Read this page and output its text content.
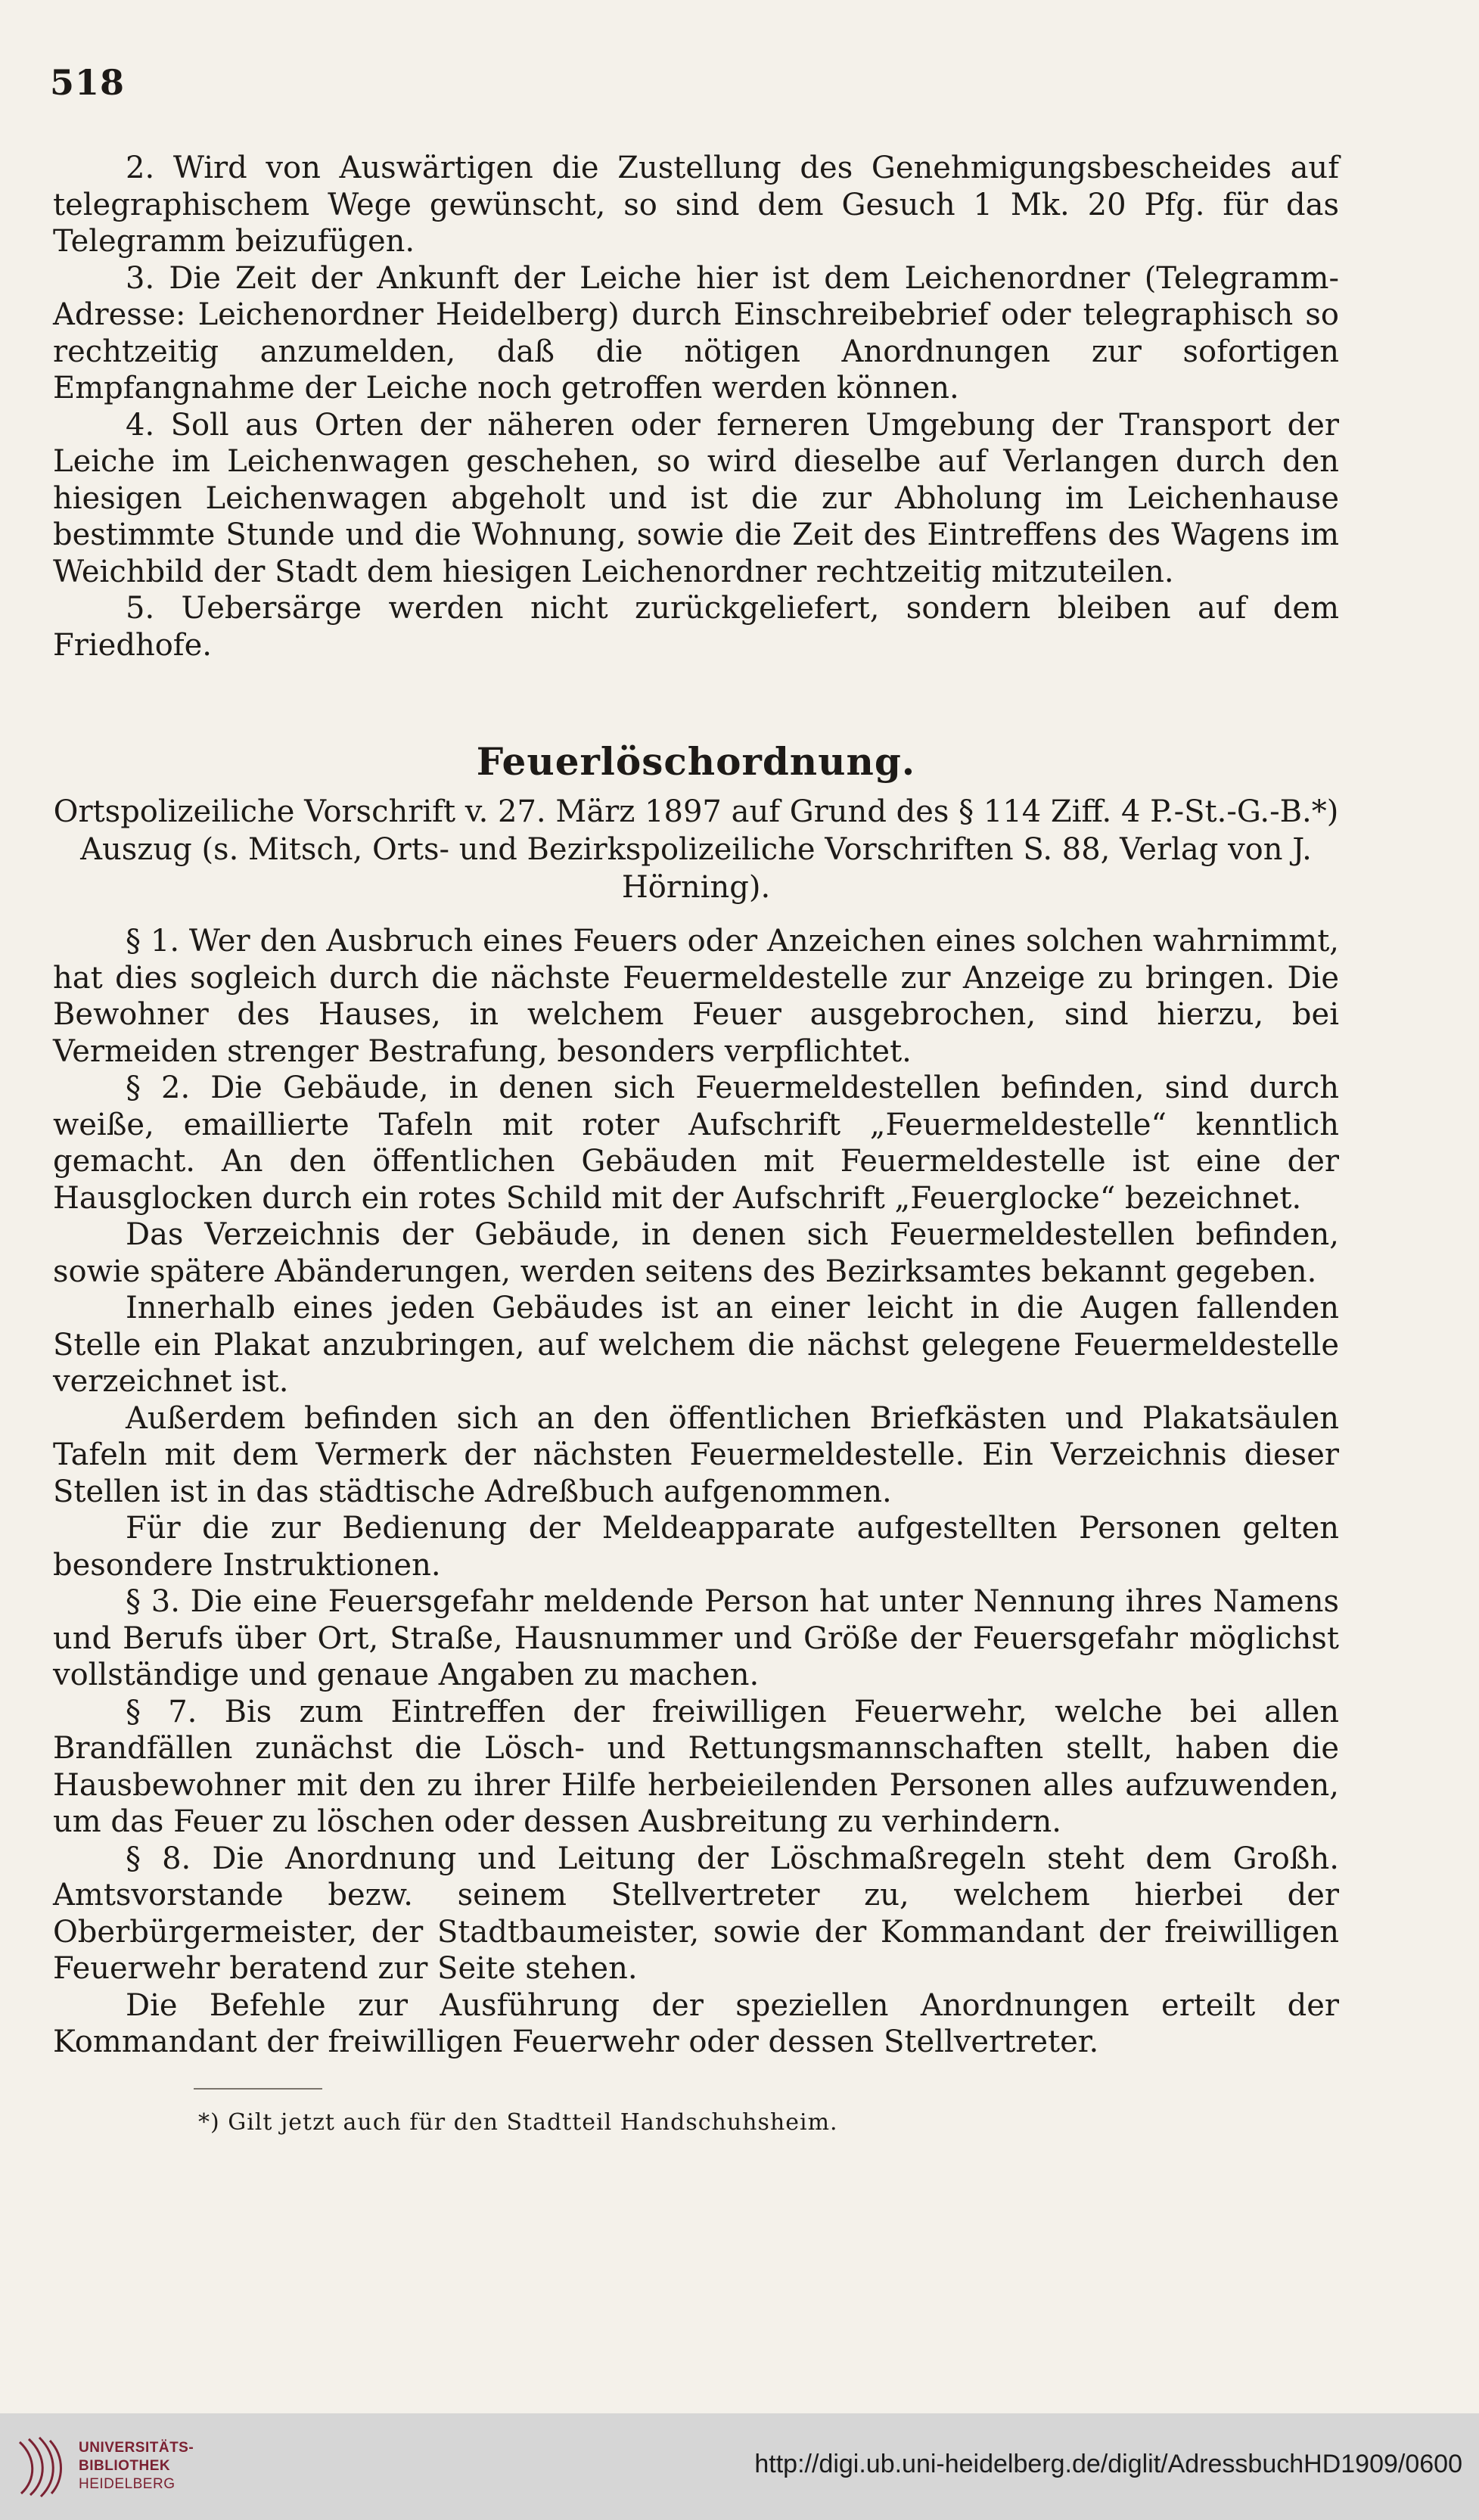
518

2. Wird von Auswärtigen die Zustellung des Genehmigungsbescheides auf telegraphischem Wege gewünscht, so sind dem Gesuch 1 Mk. 20 Pfg. für das Telegramm beizufügen.

3. Die Zeit der Ankunft der Leiche hier ist dem Leichenordner (Telegramm-Adresse: Leichenordner Heidelberg) durch Einschreibebrief oder telegraphisch so rechtzeitig anzumelden, daß die nötigen Anordnungen zur sofortigen Empfangnahme der Leiche noch getroffen werden können.

4. Soll aus Orten der näheren oder ferneren Umgebung der Transport der Leiche im Leichenwagen geschehen, so wird dieselbe auf Verlangen durch den hiesigen Leichenwagen abgeholt und ist die zur Abholung im Leichenhause bestimmte Stunde und die Wohnung, sowie die Zeit des Eintreffens des Wagens im Weichbild der Stadt dem hiesigen Leichenordner rechtzeitig mitzuteilen.

5. Uebersärge werden nicht zurückgeliefert, sondern bleiben auf dem Friedhofe.

Feuerlöschordnung.

Ortspolizeiliche Vorschrift v. 27. März 1897 auf Grund des § 114 Ziff. 4 P.-St.-G.-B.*)

Auszug (s. Mitsch, Orts- und Bezirkspolizeiliche Vorschriften S. 88, Verlag von J. Hörning).

§ 1. Wer den Ausbruch eines Feuers oder Anzeichen eines solchen wahrnimmt, hat dies sogleich durch die nächste Feuermeldestelle zur Anzeige zu bringen. Die Bewohner des Hauses, in welchem Feuer ausgebrochen, sind hierzu, bei Vermeiden strenger Bestrafung, besonders verpflichtet.

§ 2. Die Gebäude, in denen sich Feuermeldestellen befinden, sind durch weiße, emaillierte Tafeln mit roter Aufschrift „Feuermeldestelle“ kenntlich gemacht. An den öffentlichen Gebäuden mit Feuermeldestelle ist eine der Hausglocken durch ein rotes Schild mit der Aufschrift „Feuerglocke“ bezeichnet.

Das Verzeichnis der Gebäude, in denen sich Feuermeldestellen befinden, sowie spätere Abänderungen, werden seitens des Bezirksamtes bekannt gegeben.

Innerhalb eines jeden Gebäudes ist an einer leicht in die Augen fallenden Stelle ein Plakat anzubringen, auf welchem die nächst gelegene Feuermeldestelle verzeichnet ist.

Außerdem befinden sich an den öffentlichen Briefkästen und Plakatsäulen Tafeln mit dem Vermerk der nächsten Feuermeldestelle. Ein Verzeichnis dieser Stellen ist in das städtische Adreßbuch aufgenommen.

Für die zur Bedienung der Meldeapparate aufgestellten Personen gelten besondere Instruktionen.

§ 3. Die eine Feuersgefahr meldende Person hat unter Nennung ihres Namens und Berufs über Ort, Straße, Hausnummer und Größe der Feuersgefahr möglichst vollständige und genaue Angaben zu machen.

§ 7. Bis zum Eintreffen der freiwilligen Feuerwehr, welche bei allen Brandfällen zunächst die Lösch- und Rettungsmannschaften stellt, haben die Hausbewohner mit den zu ihrer Hilfe herbeieilenden Personen alles aufzuwenden, um das Feuer zu löschen oder dessen Ausbreitung zu verhindern.

§ 8. Die Anordnung und Leitung der Löschmaßregeln steht dem Großh. Amtsvorstande bezw. seinem Stellvertreter zu, welchem hierbei der Oberbürgermeister, der Stadtbaumeister, sowie der Kommandant der freiwilligen Feuerwehr beratend zur Seite stehen.

Die Befehle zur Ausführung der speziellen Anordnungen erteilt der Kommandant der freiwilligen Feuerwehr oder dessen Stellvertreter.

*) Gilt jetzt auch für den Stadtteil Handschuhsheim.

UNIVERSITÄTS-
BIBLIOTHEK
HEIDELBERG
http://digi.ub.uni-heidelberg.de/diglit/AdressbuchHD1909/0600
